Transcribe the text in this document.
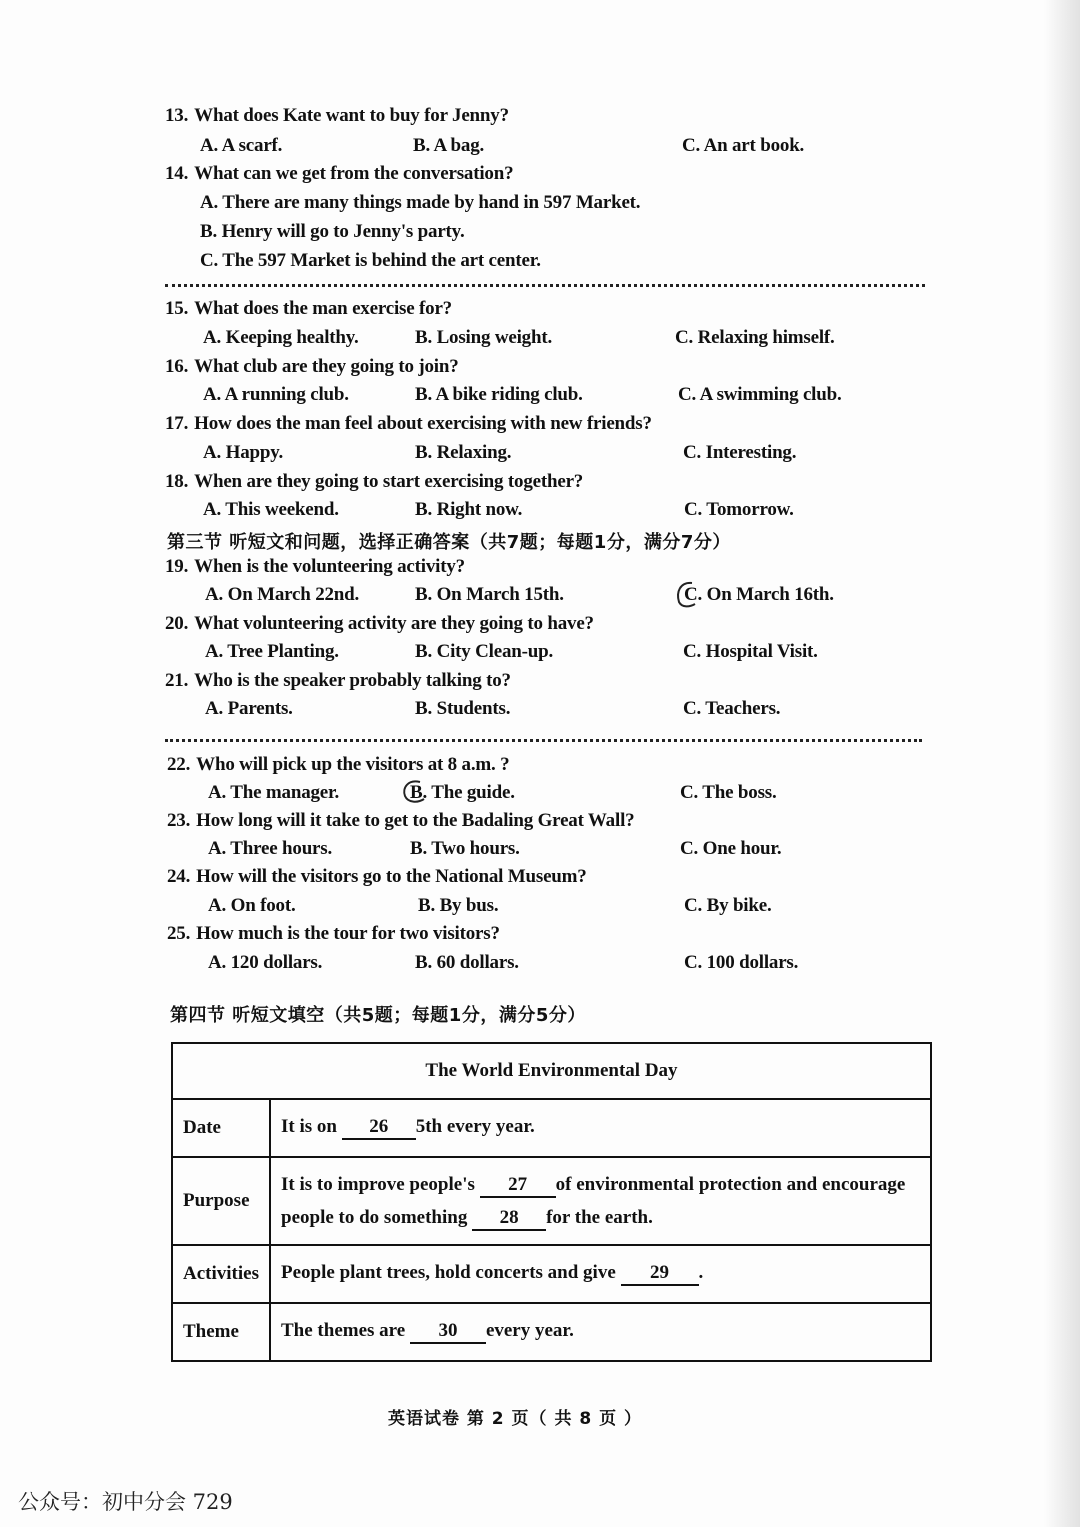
13. What does Kate want to buy for Jenny?
A. A scarf.	B. A bag.	C. An art book.
14. What can we get from the conversation?
A. There are many things made by hand in 597 Market.
B. Henry will go to Jenny's party.
C. The 597 Market is behind the art center.
15. What does the man exercise for?
A. Keeping healthy.	B. Losing weight.	C. Relaxing himself.
16. What club are they going to join?
A. A running club.	B. A bike riding club.	C. A swimming club.
17. How does the man feel about exercising with new friends?
A. Happy.	B. Relaxing.	C. Interesting.
18. When are they going to start exercising together?
A. This weekend.	B. Right now.	C. Tomorrow.
第三节 听短文和问题，选择正确答案（共7题；每题1分，满分7分）
19. When is the volunteering activity?
A. On March 22nd.	B. On March 15th.	C. On March 16th.
20. What volunteering activity are they going to have?
A. Tree Planting.	B. City Clean-up.	C. Hospital Visit.
21. Who is the speaker probably talking to?
A. Parents.	B. Students.	C. Teachers.
22. Who will pick up the visitors at 8 a.m. ?
A. The manager.	B. The guide.	C. The boss.
23. How long will it take to get to the Badaling Great Wall?
A. Three hours.	B. Two hours.	C. One hour.
24. How will the visitors go to the National Museum?
A. On foot.	B. By bus.	C. By bike.
25. How much is the tour for two visitors?
A. 120 dollars.	B. 60 dollars.	C. 100 dollars.
第四节 听短文填空（共5题；每题1分，满分5分）
The World Environmental Day	
Date	It is on 26 5th every year.
Purpose	It is to improve people's 27 of environmental protection and encourage
people to do something 28 for the earth.
Activities	People plant trees, hold concerts and give 29 .
Theme	The themes are 30 every year.
英语试卷 第 2 页（ 共 8 页 ）
公众号：初中分会 729
